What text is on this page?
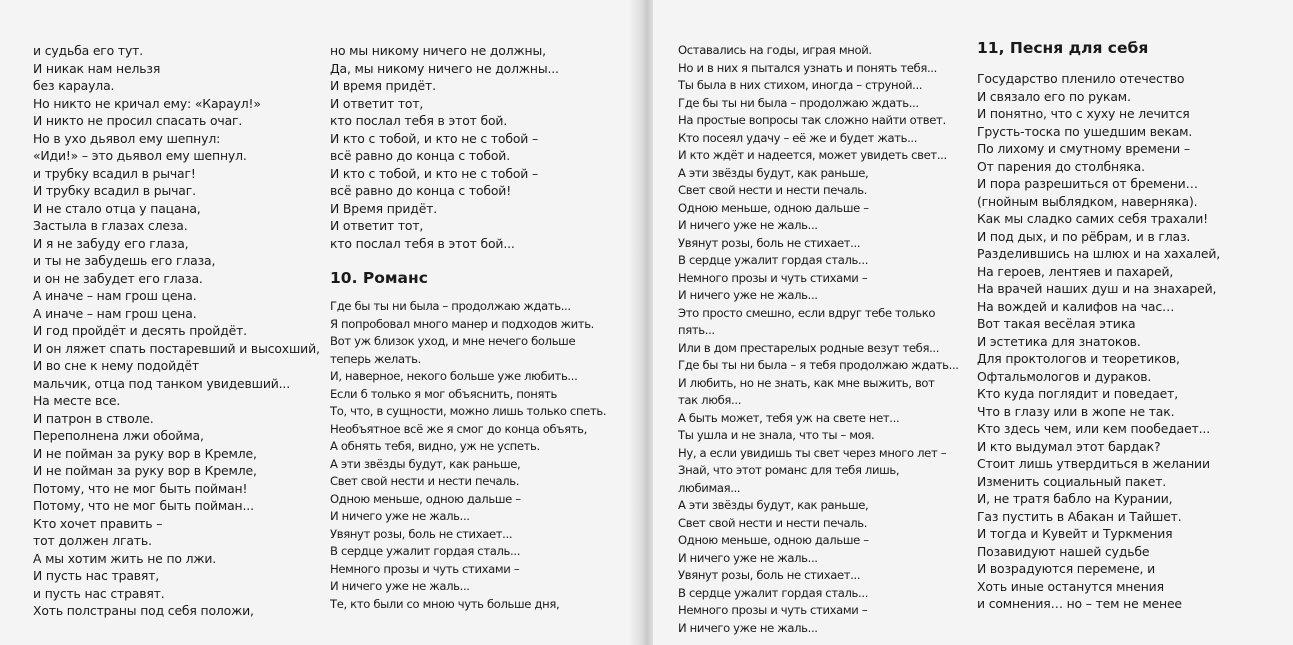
и судьба его тут.
И никак нам нельзя
без караула.
Но никто не кричал ему: «Караул!»
И никто не просил спасать очаг.
Но в ухо дьявол ему шепнул:
«Иди!» – это дьявол ему шепнул.
и трубку всадил в рычаг!
И трубку всадил в рычаг.
И не стало отца у пацана,
Застыла в глазах слеза.
И я не забуду его глаза,
и ты не забудешь его глаза,
и он не забудет его глаза.
А иначе – нам грош цена.
А иначе – нам грош цена.
И год пройдёт и десять пройдёт.
И он ляжет спать постаревший и высохший,
И во сне к нему подойдёт
мальчик, отца под танком увидевший...
На месте все.
И патрон в стволе.
Переполнена лжи обойма,
И не пойман за руку вор в Кремле,
И не пойман за руку вор в Кремле,
Потому, что не мог быть пойман!
Потому, что не мог быть пойман...
Кто хочет править –
тот должен лгать.
А мы хотим жить не по лжи.
И пусть нас травят,
и пусть нас стравят.
Хоть полстраны под себя положи,
но мы никому ничего не должны,
Да, мы никому ничего не должны...
И время придёт.
И ответит тот,
кто послал тебя в этот бой.
И кто с тобой, и кто не с тобой –
всё равно до конца с тобой.
И кто с тобой, и кто не с тобой –
всё равно до конца с тобой!
И Время придёт.
И ответит тот,
кто послал тебя в этот бой...
10. Романс
Где бы ты ни была – продолжаю ждать...
Я попробовал много манер и подходов жить.
Вот уж близок уход, и мне нечего больше
теперь желать.
И, наверное, некого больше уже любить...
Если б только я мог объяснить, понять
То, что, в сущности, можно лишь только спеть.
Необъятное всё же я смог до конца объять,
А обнять тебя, видно, уж не успеть.
А эти звёзды будут, как раньше,
Свет свой нести и нести печаль.
Одною меньше, одною дальше –
И ничего уже не жаль...
Увянут розы, боль не стихает...
В сердце ужалит гордая сталь...
Немного прозы и чуть стихами –
И ничего уже не жаль...
Те, кто были со мною чуть больше дня,
Оставались на годы, играя мной.
Но и в них я пытался узнать и понять тебя...
Ты была в них стихом, иногда – струной...
Где бы ты ни была – продолжаю ждать...
На простые вопросы так сложно найти ответ.
Кто посеял удачу – её же и будет жать...
И кто ждёт и надеется, может увидеть свет...
А эти звёзды будут, как раньше,
Свет свой нести и нести печаль.
Одною меньше, одною дальше –
И ничего уже не жаль...
Увянут розы, боль не стихает...
В сердце ужалит гордая сталь...
Немного прозы и чуть стихами –
И ничего уже не жаль...
Это просто смешно, если вдруг тебе только
пять...
Или в дом престарелых родные везут тебя...
Где бы ты ни была – я тебя продолжаю ждать...
И любить, но не знать, как мне выжить, вот
так любя...
А быть может, тебя уж на свете нет...
Ты ушла и не знала, что ты – моя.
Ну, а если увидишь ты свет через много лет –
Знай, что этот романс для тебя лишь,
любимая...
А эти звёзды будут, как раньше,
Свет свой нести и нести печаль.
Одною меньше, одною дальше –
И ничего уже не жаль...
Увянут розы, боль не стихает...
В сердце ужалит гордая сталь...
Немного прозы и чуть стихами –
И ничего уже не жаль...
11, Песня для себя
Государство пленило отечество
И связало его по рукам.
И понятно, что с хуху не лечится
Грусть-тоска по ушедшим векам.
По лихому и смутному времени –
От парения до столбняка.
И пора разрешиться от бремени…
(гнойным выблядком, наверняка).
Как мы сладко самих себя трахали!
И под дых, и по рёбрам, и в глаз.
Разделившись на шлюх и на хахалей,
На героев, лентяев и пахарей,
На врачей наших душ и на знахарей,
На вождей и калифов на час…
Вот такая весёлая этика
И эстетика для знатоков.
Для проктологов и теоретиков,
Офтальмологов и дураков.
Кто куда поглядит и поведает,
Что в глазу или в жопе не так.
Кто здесь чем, или кем пообедает...
И кто выдумал этот бардак?
Стоит лишь утвердиться в желании
Изменить социальный пакет.
И, не тратя бабло на Курании,
Газ пустить в Абакан и Тайшет.
И тогда и Кувейт и Туркмения
Позавидуют нашей судьбе
И возрадуются перемене, и
Хоть иные останутся мнения
и сомнения… но – тем не менее
